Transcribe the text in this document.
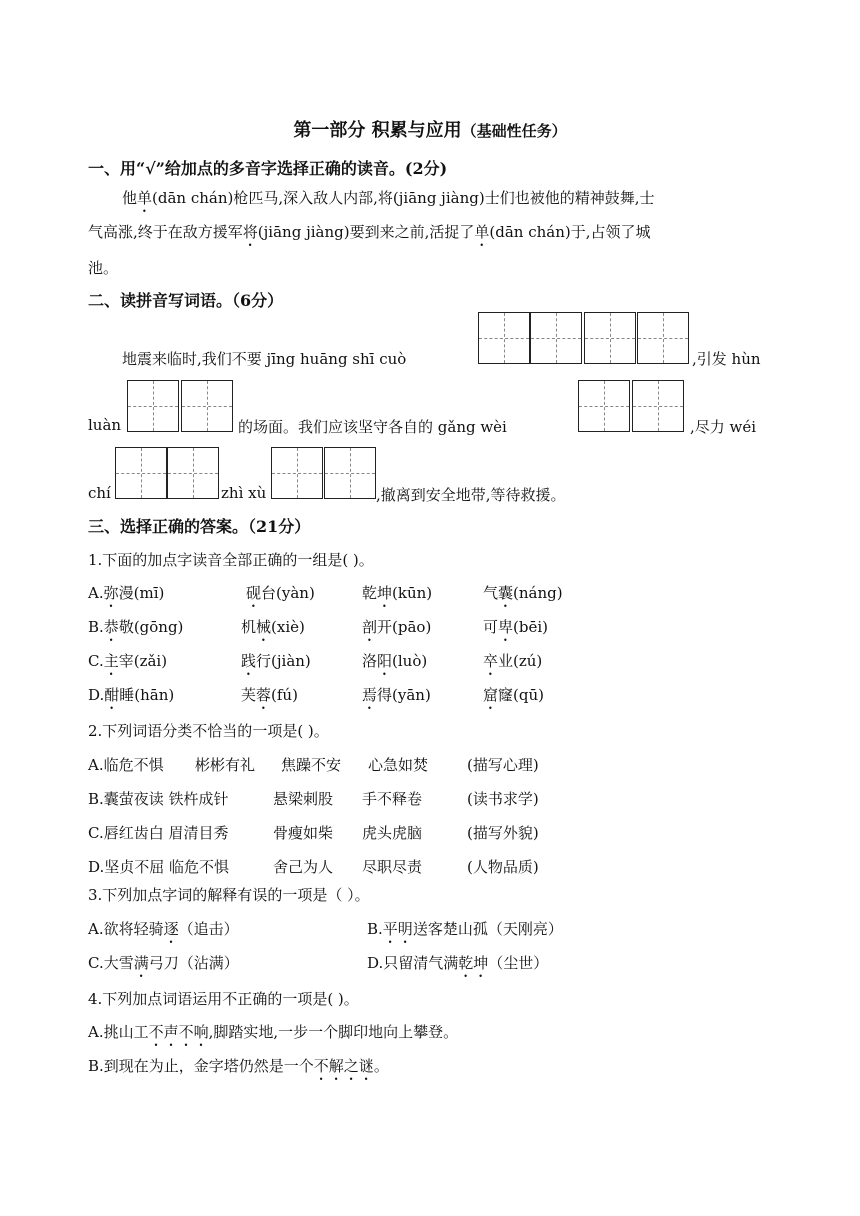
第一部分 积累与应用（基础性任务）
一、用“√”给加点的多音字选择正确的读音。(2分)
他单(dān chán)枪匹马,深入敌人内部,将(jiāng jiàng)士们也被他的精神鼓舞,士
气高涨,终于在敌方援军将(jiāng jiàng)要到来之前,活捉了单(dān chán)于,占领了城
池。
二、读拼音写词语。（6分）
地震来临时,我们不要 jīng huāng shī cuò	,引发 hùn
luàn	的场面。我们应该坚守各自的 gǎng wèi	,尽力 wéi
chí	zhì xù	,撤离到安全地带,等待救援。
三、选择正确的答案。（21分）
1.下面的加点字读音全部正确的一组是( )。
A.弥漫(mī)	砚台(yàn)	乾坤(kūn)	气囊(náng)
B.恭敬(gōng)	机械(xiè)	剖开(pāo)	可卑(bēi)
C.主宰(zǎi)	践行(jiàn)	洛阳(luò)	卒业(zú)
D.酣睡(hān)	芙蓉(fú)	焉得(yān)	窟窿(qū)
2.下列词语分类不恰当的一项是( )。
A.临危不惧 彬彬有礼 焦躁不安 心急如焚	(描写心理)
B.囊萤夜读 铁杵成针	悬梁刺股 手不释卷	(读书求学)
C.唇红齿白 眉清目秀	骨瘦如柴 虎头虎脑	(描写外貌)
D.坚贞不屈 临危不惧	舍己为人 尽职尽责	(人物品质)
3.下列加点字词的解释有误的一项是（ ）。
A.欲将轻骑逐（追击）	B.平明送客楚山孤（天刚亮）
C.大雪满弓刀（沾满）	D.只留清气满乾坤（尘世）
4.下列加点词语运用不正确的一项是( )。
A.挑山工不声不响,脚踏实地,一步一个脚印地向上攀登。
B.到现在为止，金字塔仍然是一个不解之谜。
